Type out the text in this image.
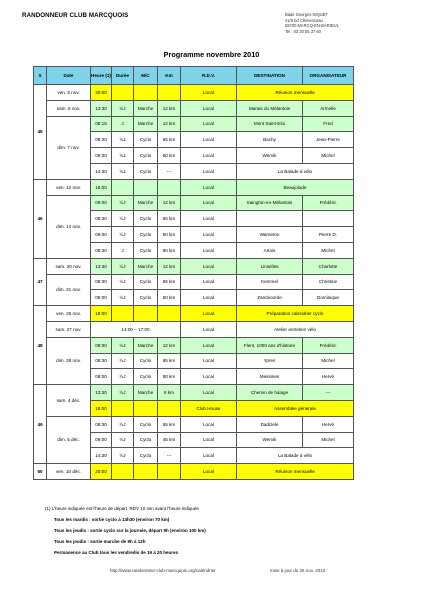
RANDONNEUR CLUB MARCQUOIS	Bade Georges NIQUET
41/6 bd Clémenceau
59700 MARCQ-EN-BARŒUL
Tel : 03 20 55 37 60
Programme novembre 2010
S	Date	Heure (1)	Durée	M/C	Km	R.D.V.	DESTINATION	ORGANISATEUR
45	ven. 5 nov.	20:00				Local	Réunion mensuelle	
	sam. 6 nov.	13:30	½J	Marche	12 km	Local	Marais du Mélantois	Armelle
	dim. 7 nov.	08:15	J	Marche	12 km	Local	Mont Saint-Eloi	Fred
		08:30	½J	Cyclo	65 km	Local	Bachy	Jean-Pierre
		09:00	½J	Cyclo	50 km	Local	Wervik	Michel
		14:30	½J	Cyclo	---	Local	La Balade à vélo	
46	ven. 12 nov.	18:00				Local	Beaujolade	
	dim. 14 nov.	09:00	½J	Marche	12 km	Local	Sainghin-en-Mélantois	Frédéric
		08:30	½J	Cyclo	65 km	Local		
		09:00	½J	Cyclo	50 km	Local	Warneton	Pierre D.
		08:30	J	Cyclo	90 km	Local	Artois	Michel
47	sam. 20 nov.	13:30	½J	Marche	12 km	Local	Linselles	Charlotte
	dim. 21 nov.	08:30	½J	Cyclo	65 km	Local	Kemmel	Christine
		09:00	½J	Cyclo	50 km	Local	Zandvoorde	Dominique
48	ven. 26 nov.	19:00				Local	Préparation calendrier cyclo	
	sam. 27 nov.	14:00 – 17:00				Local	Atelier entretien vélo	
	dim. 28 nov.	09:00	½J	Marche	12 km	Local	Flers, 1000 ans d'histoire	Frédéric
		08:30	½J	Cyclo	65 km	Local	Ypres	Michel
		09:00	½J	Cyclo	50 km	Local	Messines	Hervé
49	sam. 4 déc.	13:30	½J	Marche	8 km	Local	Chemin de halage	---
		18:00				Club House	Assemblée générale	
	dim. 5 déc.	08:30	½J	Cyclo	55 km	Local	Dadizele	Hervé
		09:00	½J	Cyclo	45 km	Local	Wervik	Michel
		14:30	½J	Cyclo	---	Local	La Balade à vélo	
50	ven. 10 déc.	20:00				Local	Réunion mensuelle	
(1) L'heure indiquée est l'heure de départ. RDV 10 min avant l'heure indiquée
Tous les mardis : sortie cyclo à 13h30 (environ 70 km)
Tous les jeudis : sortie cyclo sur la journée, départ 9h (environ 100 km)
Tous les jeudis : sortie marche de 9h à 12h
Permanence au Club tous les vendredis de 19 à 20 heures
http://www.randonneur-club-marcquois.org/calendrier	mise à jour du 26 nov. 2010
